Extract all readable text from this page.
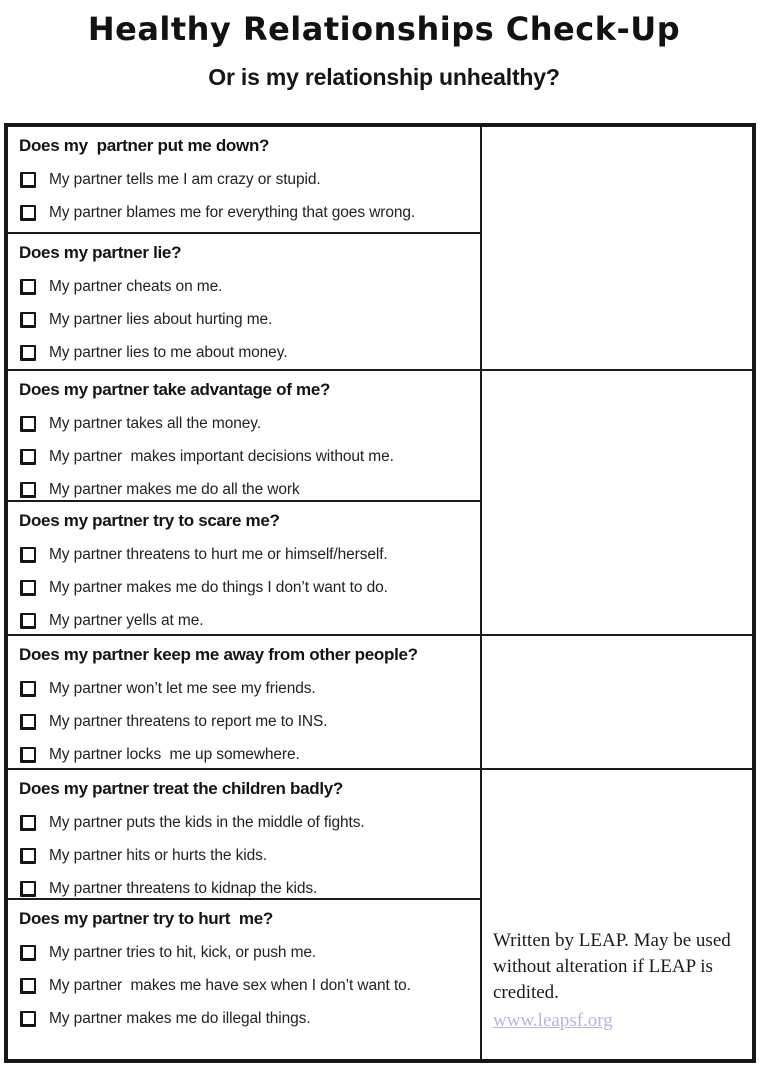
Healthy Relationships Check-Up
Or is my relationship unhealthy?
Does my  partner put me down?
My partner tells me I am crazy or stupid.
My partner blames me for everything that goes wrong.
Does my partner lie?
My partner cheats on me.
My partner lies about hurting me.
My partner lies to me about money.
Does my partner take advantage of me?
My partner takes all the money.
My partner  makes important decisions without me.
My partner makes me do all the work
Does my partner try to scare me?
My partner threatens to hurt me or himself/herself.
My partner makes me do things I don’t want to do.
My partner yells at me.
Does my partner keep me away from other people?
My partner won’t let me see my friends.
My partner threatens to report me to INS.
My partner locks  me up somewhere.
Does my partner treat the children badly?
My partner puts the kids in the middle of fights.
My partner hits or hurts the kids.
My partner threatens to kidnap the kids.
Does my partner try to hurt  me?
My partner tries to hit, kick, or push me.
My partner  makes me have sex when I don’t want to.
My partner makes me do illegal things.
Written by LEAP. May be used without alteration if LEAP is credited.
www.leapsf.org
